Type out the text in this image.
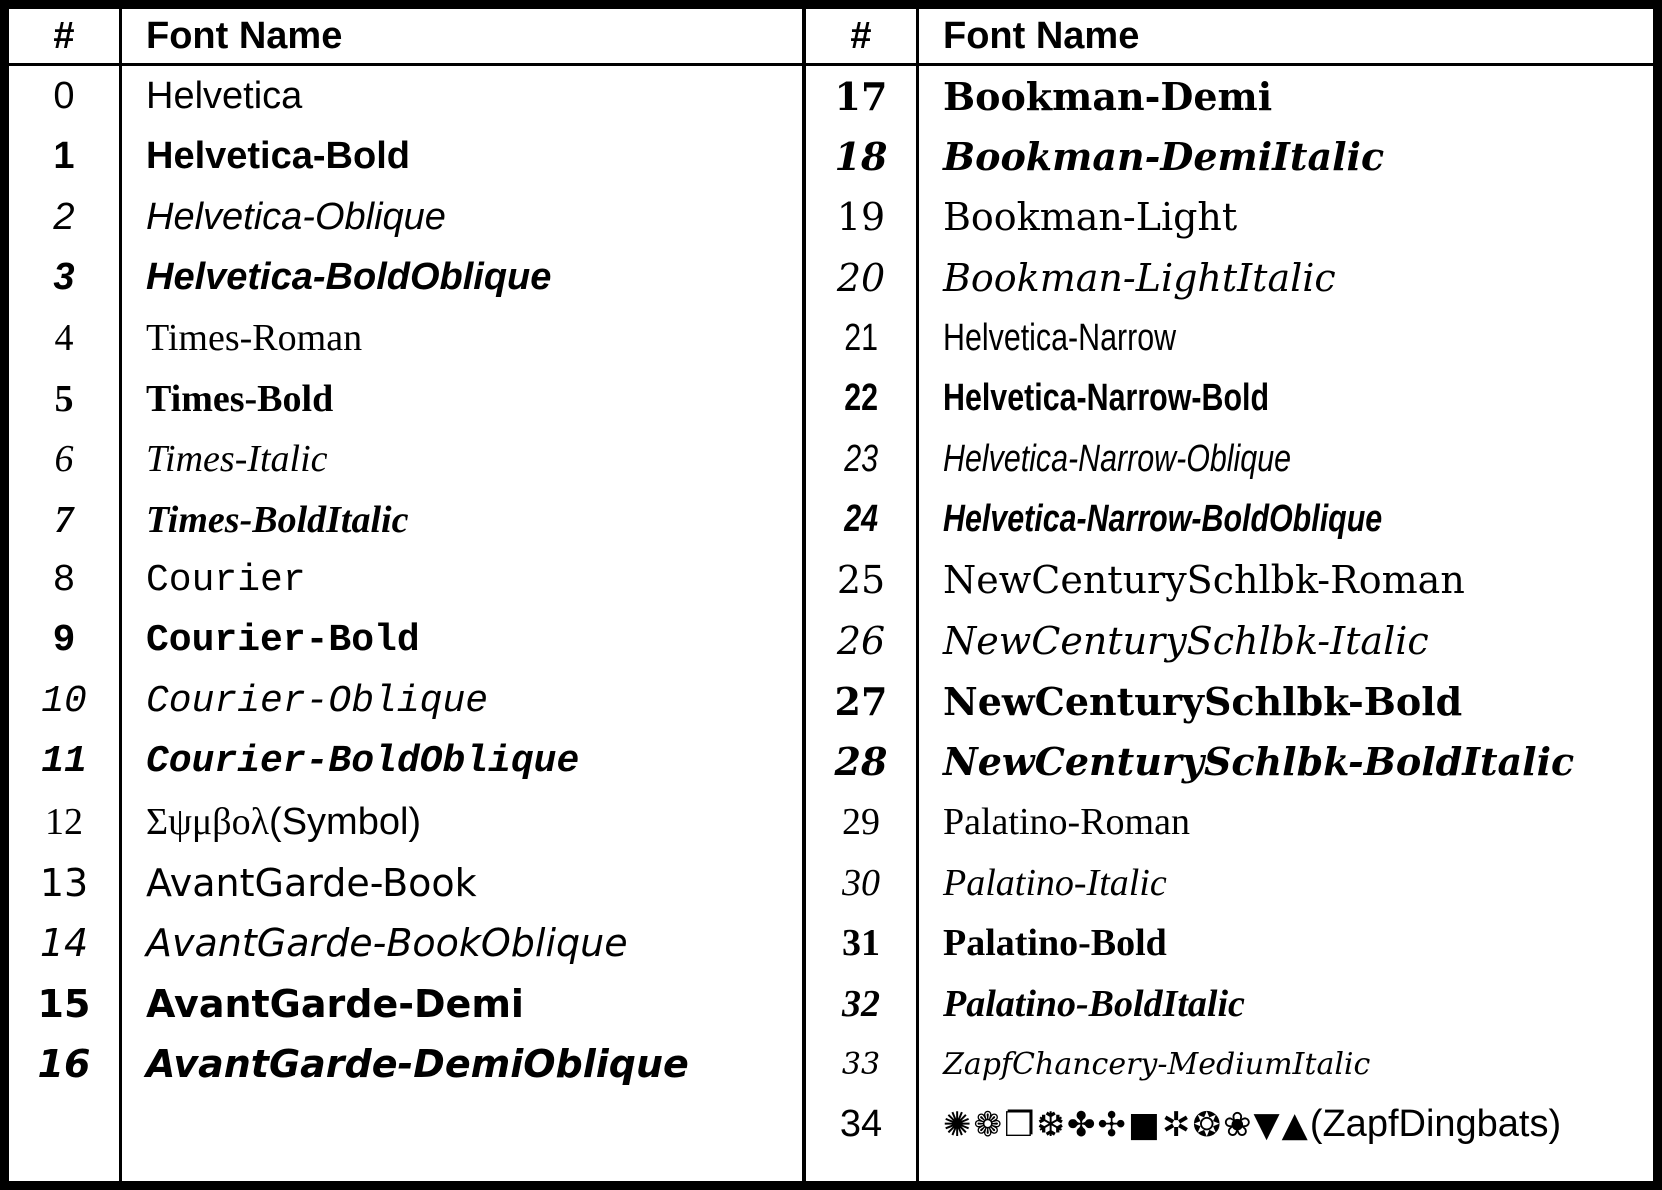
#	Font Name
0 Helvetica
1 Helvetica-Bold
2 Helvetica-Oblique
3 Helvetica-BoldOblique
4 Times-Roman
5 Times-Bold
6 Times-Italic
7 Times-BoldItalic
8 Courier
9 Courier-Bold
10 Courier-Oblique
11 Courier-BoldOblique
12 Σψμβολ (Symbol)
13 AvantGarde-Book
14 AvantGarde-BookOblique
15 AvantGarde-Demi
16 AvantGarde-DemiOblique
#	Font Name
17 Bookman-Demi
18 Bookman-DemiItalic
19 Bookman-Light
20 Bookman-LightItalic
21 Helvetica-Narrow
22 Helvetica-Narrow-Bold
23 Helvetica-Narrow-Oblique
24 Helvetica-Narrow-BoldOblique
25 NewCenturySchlbk-Roman
26 NewCenturySchlbk-Italic
27 NewCenturySchlbk-Bold
28 NewCenturySchlbk-BoldItalic
29 Palatino-Roman
30 Palatino-Italic
31 Palatino-Bold
32 Palatino-BoldItalic
33 ZapfChancery-MediumItalic
34 ✺❁❐❆✤✣■✲❂❀▼▲ (ZapfDingbats)
